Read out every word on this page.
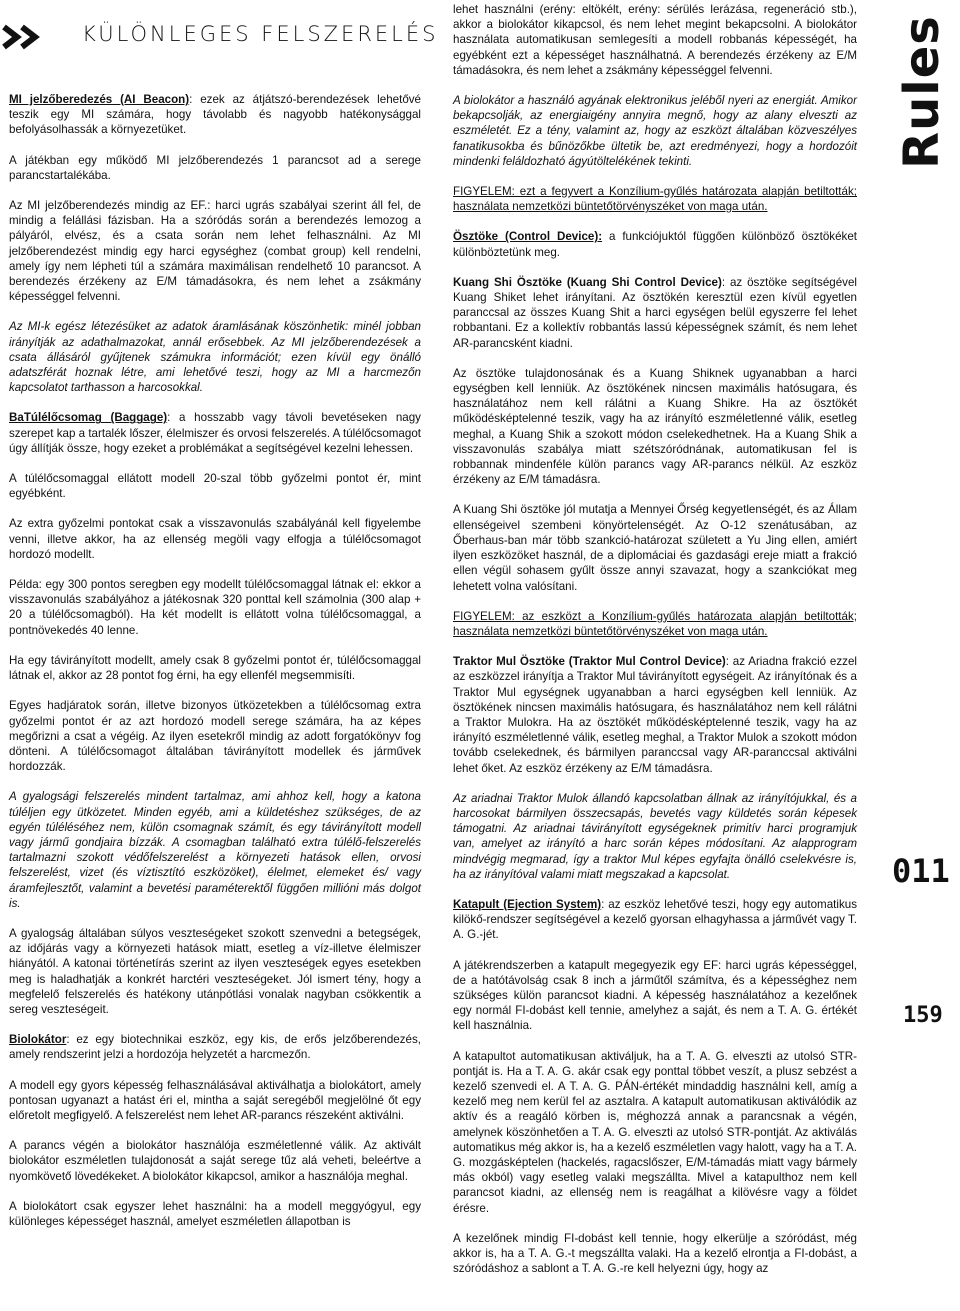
KÜLÖNLEGES FELSZERELÉS	Rules
011
159

MI jelzőberedezés (AI Beacon): ezek az átjátszó-berendezések lehetővé teszik egy MI számára, hogy távolabb és nagyobb hatékonysággal befolyásolhassák a környezetüket.

A játékban egy működő MI jelzőberendezés 1 parancsot ad a serege parancstartalékába.

Az MI jelzőberendezés mindig az EF.: harci ugrás szabályai szerint áll fel, de mindig a felállási fázisban. Ha a szóródás során a berendezés lemozog a pályáról, elvész, és a csata során nem lehet felhasználni. Az MI jelzőberendezést mindig egy harci egységhez (combat group) kell rendelni, amely így nem lépheti túl a számára maximálisan rendelhető 10 parancsot. A berendezés érzékeny az E/M támadásokra, és nem lehet a zsákmány képességgel felvenni.

Az MI-k egész létezésüket az adatok áramlásának köszönhetik: minél jobban irányítják az adathalmazokat, annál erősebbek. Az MI jelzőberendezések a csata állásáról gyűjtenek számukra információt; ezen kívül egy önálló adatszférát hoznak létre, ami lehetővé teszi, hogy az MI a harcmezőn kapcsolatot tarthasson a harcosokkal.

BaTúlélőcsomag (Baggage): a hosszabb vagy távoli bevetéseken nagy szerepet kap a tartalék lőszer, élelmiszer és orvosi felszerelés. A túlélőcsomagot úgy állítják össze, hogy ezeket a problémákat a segítségével kezelni lehessen.

A túlélőcsomaggal ellátott modell 20-szal több győzelmi pontot ér, mint egyébként.

Az extra győzelmi pontokat csak a visszavonulás szabályánál kell figyelembe venni, illetve akkor, ha az ellenség megöli vagy elfogja a túlélőcsomagot hordozó modellt.

Példa: egy 300 pontos seregben egy modellt túlélőcsomaggal látnak el: ekkor a visszavonulás szabályához a játékosnak 320 ponttal kell számolnia (300 alap + 20 a túlélőcsomagból). Ha két modellt is ellátott volna túlélőcsomaggal, a pontnövekedés 40 lenne.

Ha egy távirányított modellt, amely csak 8 győzelmi pontot ér, túlélőcsomaggal látnak el, akkor az 28 pontot fog érni, ha egy ellenfél megsemmisíti.

Egyes hadjáratok során, illetve bizonyos ütközetekben a túlélőcsomag extra győzelmi pontot ér az azt hordozó modell serege számára, ha az képes megőrizni a csat a végéig. Az ilyen esetekről mindig az adott forgatókönyv fog dönteni. A túlélőcsomagot általában távirányított modellek és járművek hordozzák.

A gyalogsági felszerelés mindent tartalmaz, ami ahhoz kell, hogy a katona túléljen egy ütközetet. Minden egyéb, ami a küldetéshez szükséges, de az egyén túléléséhez nem, külön csomagnak számít, és egy távirányított modell vagy jármű gondjaira bízzák. A csomagban található extra túlélő-felszerelés tartalmazni szokott védőfelszerelést a környezeti hatások ellen, orvosi felszerelést, vizet (és víztisztító eszközöket), élelmet, elemeket és/ vagy áramfejlesztőt, valamint a bevetési paraméterektől függően millióni más dolgot is.

A gyalogság általában súlyos veszteségeket szokott szenvedni a betegségek, az időjárás vagy a környezeti hatások miatt, esetleg a víz-illetve élelmiszer hiányától. A katonai történetírás szerint az ilyen veszteségek egyes esetekben meg is haladhatják a konkrét harctéri veszteségeket. Jól ismert tény, hogy a megfelelő felszerelés és hatékony utánpótlási vonalak nagyban csökkentik a sereg veszteségeit.

Biolokátor: ez egy biotechnikai eszköz, egy kis, de erős jelzőberendezés, amely rendszerint jelzi a hordozója helyzetét a harcmezőn.

A modell egy gyors képesség felhasználásával aktiválhatja a biolokátort, amely pontosan ugyanazt a hatást éri el, mintha a saját seregéből megjelölné őt egy előretolt megfigyelő. A felszerelést nem lehet AR-parancs részeként aktiválni.

A parancs végén a biolokátor használója eszméletlenné válik. Az aktivált biolokátor eszméletlen tulajdonosát a saját serege tűz alá veheti, beleértve a nyomkövető lövedékeket. A biolokátor kikapcsol, amikor a használója meghal.

A biolokátort csak egyszer lehet használni: ha a modell meggyógyul, egy különleges képességet használ, amelyet eszméletlen állapotban is

lehet használni (erény: eltökélt, erény: sérülés lerázása, regeneráció stb.), akkor a biolokátor kikapcsol, és nem lehet megint bekapcsolni. A biolokátor használata automatikusan semlegesíti a modell robbanás képességét, ha egyébként ezt a képességet használhatná. A berendezés érzékeny az E/M támadásokra, és nem lehet a zsákmány képességgel felvenni.

A biolokátor a használó agyának elektronikus jeléből nyeri az energiát. Amikor bekapcsolják, az energiaigény annyira megnő, hogy az alany elveszti az eszméletét. Ez a tény, valamint az, hogy az eszközt általában közveszélyes fanatikusokba és bűnözőkbe ültetik be, azt eredményezi, hogy a hordozóit mindenki feláldozható ágyútöltelékének tekinti.

FIGYELEM: ezt a fegyvert a Konzílium-gyűlés határozata alapján betiltották; használata nemzetközi büntetőtörvényszéket von maga után.

Ösztöke (Control Device): a funkciójuktól függően különböző ösztökéket különböztetünk meg.

Kuang Shi Ösztöke (Kuang Shi Control Device): az ösztöke segítségével Kuang Shiket lehet irányítani. Az ösztökén keresztül ezen kívül egyetlen paranccsal az összes Kuang Shit a harci egységen belül egyszerre fel lehet robbantani. Ez a kollektív robbantás lassú képességnek számít, és nem lehet AR-parancsként kiadni.

Az ösztöke tulajdonosának és a Kuang Shiknek ugyanabban a harci egységben kell lenniük. Az ösztökének nincsen maximális hatósugara, és használatához nem kell rálátni a Kuang Shikre. Ha az ösztökét működésképtelenné teszik, vagy ha az irányító eszméletlenné válik, esetleg meghal, a Kuang Shik a szokott módon cselekedhetnek. Ha a Kuang Shik a visszavonulás szabálya miatt szétszóródnának, automatikusan fel is robbannak mindenféle külön parancs vagy AR-parancs nélkül. Az eszköz érzékeny az E/M támadásra.

A Kuang Shi ösztöke jól mutatja a Mennyei Őrség kegyetlenségét, és az Állam ellenségeivel szembeni könyörtelenségét. Az O-12 szenátusában, az Őberhaus-ban már több szankció-határozat született a Yu Jing ellen, amiért ilyen eszközöket használ, de a diplomáciai és gazdasági ereje miatt a frakció ellen végül sohasem gyűlt össze annyi szavazat, hogy a szankciókat meg lehetett volna valósítani.

FIGYELEM: az eszközt a Konzílium-gyűlés határozata alapján betiltották; használata nemzetközi büntetőtörvényszéket von maga után.

Traktor Mul Ösztöke (Traktor Mul Control Device): az Ariadna frakció ezzel az eszközzel irányítja a Traktor Mul távirányított egységeit. Az irányítónak és a Traktor Mul egységnek ugyanabban a harci egységben kell lenniük. Az ösztökének nincsen maximális hatósugara, és használatához nem kell rálátni a Traktor Mulokra. Ha az ösztökét működésképtelenné teszik, vagy ha az irányító eszméletlenné válik, esetleg meghal, a Traktor Mulok a szokott módon tovább cselekednek, és bármilyen paranccsal vagy AR-paranccsal aktiválni lehet őket. Az eszköz érzékeny az E/M támadásra.

Az ariadnai Traktor Mulok állandó kapcsolatban állnak az irányítójukkal, és a harcosokat bármilyen összecsapás, bevetés vagy küldetés során képesek támogatni. Az ariadnai távirányított egységeknek primitív harci programjuk van, amelyet az irányító a harc során képes módosítani. Az alapprogram mindvégig megmarad, így a traktor Mul képes egyfajta önálló cselekvésre is, ha az irányítóval valami miatt megszakad a kapcsolat.

Katapult (Ejection System): az eszköz lehetővé teszi, hogy egy automatikus kilökő-rendszer segítségével a kezelő gyorsan elhagyhassa a járművét vagy T. A. G.-jét.

A játékrendszerben a katapult megegyezik egy EF: harci ugrás képességgel, de a hatótávolság csak 8 inch a járműtől számítva, és a képességhez nem szükséges külön parancsot kiadni. A képesség használatához a kezelőnek egy normál FI-dobást kell tennie, amelyhez a saját, és nem a T. A. G. értékét kell használnia.

A katapultot automatikusan aktiváljuk, ha a T. A. G. elveszti az utolsó STR-pontját is. Ha a T. A. G. akár csak egy ponttal többet veszít, a plusz sebzést a kezelő szenvedi el. A T. A. G. PÁN-értékét mindaddig használni kell, amíg a kezelő meg nem kerül fel az asztalra. A katapult automatikusan aktiválódik az aktív és a reagáló körben is, méghozzá annak a parancsnak a végén, amelynek köszönhetően a T. A. G. elveszti az utolsó STR-pontját. Az aktiválás automatikus még akkor is, ha a kezelő eszméletlen vagy halott, vagy ha a T. A. G. mozgásképtelen (hackelés, ragacslőszer, E/M-támadás miatt vagy bármely más okból) vagy esetleg valaki megszállta. Mivel a katapulthoz nem kell parancsot kiadni, az ellenség nem is reagálhat a kilövésre vagy a földet érésre.

A kezelőnek mindig FI-dobást kell tennie, hogy elkerülje a szóródást, még akkor is, ha a T. A. G.-t megszállta valaki. Ha a kezelő elrontja a FI-dobást, a szóródáshoz a sablont a T. A. G.-re kell helyezni úgy, hogy az
